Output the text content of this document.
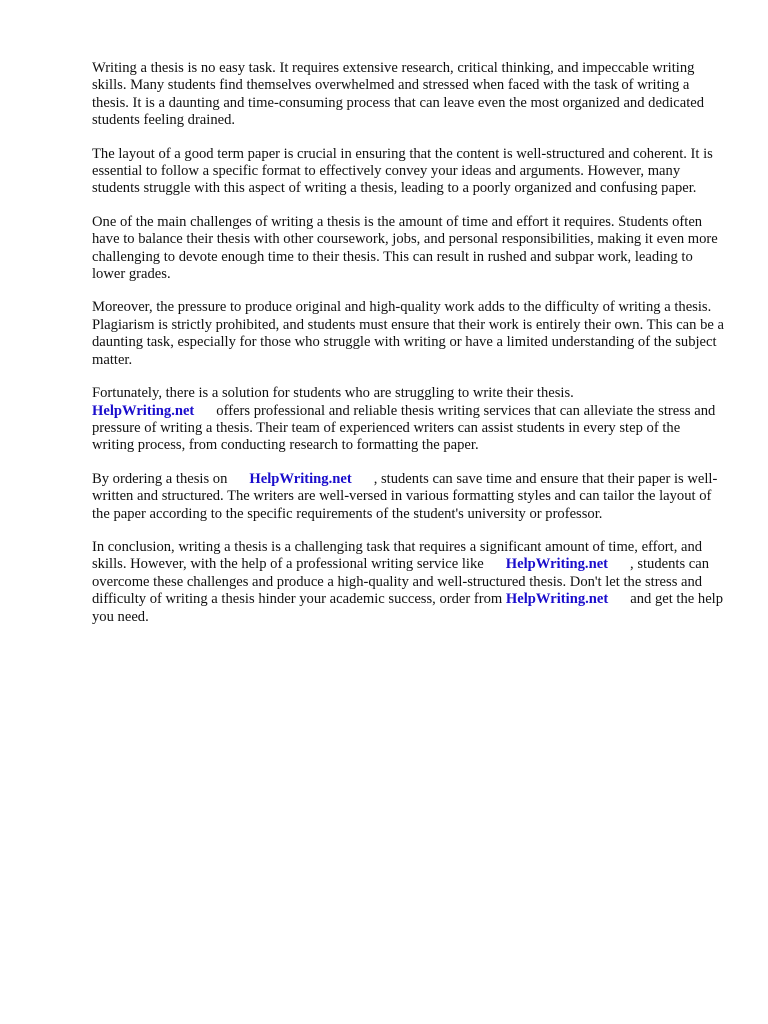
Writing a thesis is no easy task. It requires extensive research, critical thinking, and impeccable writing skills. Many students find themselves overwhelmed and stressed when faced with the task of writing a thesis. It is a daunting and time-consuming process that can leave even the most organized and dedicated students feeling drained.

The layout of a good term paper is crucial in ensuring that the content is well-structured and coherent. It is essential to follow a specific format to effectively convey your ideas and arguments. However, many students struggle with this aspect of writing a thesis, leading to a poorly organized and confusing paper.

One of the main challenges of writing a thesis is the amount of time and effort it requires. Students often have to balance their thesis with other coursework, jobs, and personal responsibilities, making it even more challenging to devote enough time to their thesis. This can result in rushed and subpar work, leading to lower grades.

Moreover, the pressure to produce original and high-quality work adds to the difficulty of writing a thesis. Plagiarism is strictly prohibited, and students must ensure that their work is entirely their own. This can be a daunting task, especially for those who struggle with writing or have a limited understanding of the subject matter.

Fortunately, there is a solution for students who are struggling to write their thesis. HelpWriting.net offers professional and reliable thesis writing services that can alleviate the stress and pressure of writing a thesis. Their team of experienced writers can assist students in every step of the writing process, from conducting research to formatting the paper.

By ordering a thesis on HelpWriting.net , students can save time and ensure that their paper is well-written and structured. The writers are well-versed in various formatting styles and can tailor the layout of the paper according to the specific requirements of the student's university or professor.

In conclusion, writing a thesis is a challenging task that requires a significant amount of time, effort, and skills. However, with the help of a professional writing service like HelpWriting.net , students can overcome these challenges and produce a high-quality and well-structured thesis. Don't let the stress and difficulty of writing a thesis hinder your academic success, order from HelpWriting.net and get the help you need.
